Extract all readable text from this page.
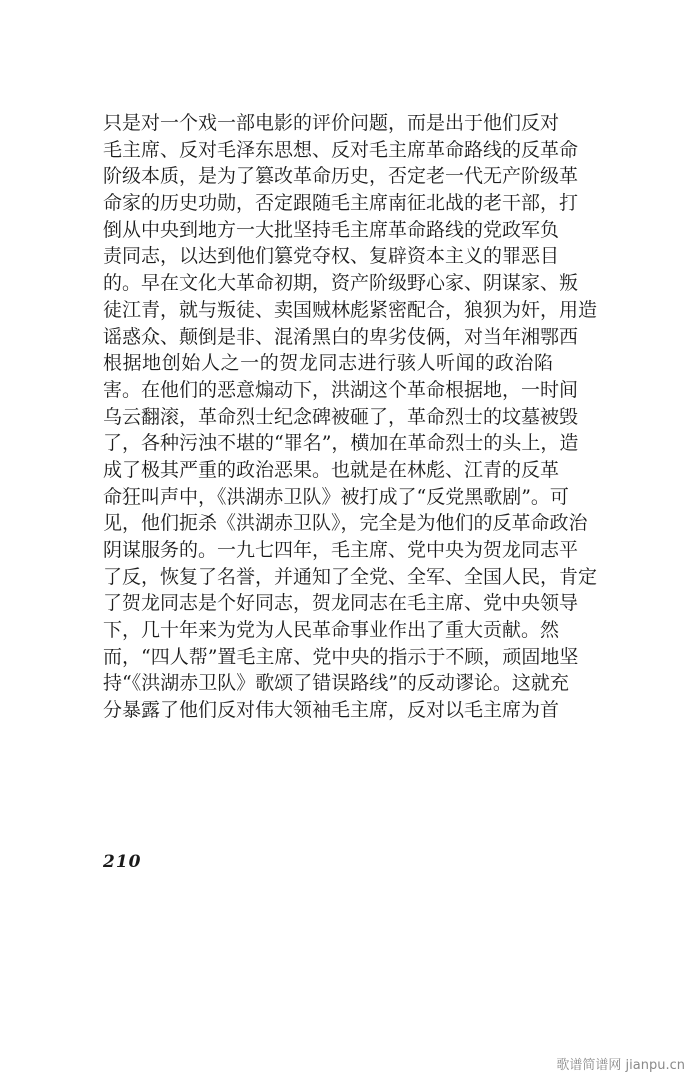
只是对一个戏一部电影的评价问题，而是出于他们反对
毛主席、反对毛泽东思想、反对毛主席革命路线的反革命
阶级本质，是为了篡改革命历史，否定老一代无产阶级革
命家的历史功勋，否定跟随毛主席南征北战的老干部，打
倒从中央到地方一大批坚持毛主席革命路线的党政军负
责同志，以达到他们篡党夺权、复辟资本主义的罪恶目
的。早在文化大革命初期，资产阶级野心家、阴谋家、叛
徒江青，就与叛徒、卖国贼林彪紧密配合，狼狈为奸，用造
谣惑众、颠倒是非、混淆黑白的卑劣伎俩，对当年湘鄂西
根据地创始人之一的贺龙同志进行骇人听闻的政治陷
害。在他们的恶意煽动下，洪湖这个革命根据地，一时间
乌云翻滚，革命烈士纪念碑被砸了，革命烈士的坟墓被毁
了，各种污浊不堪的“罪名”，横加在革命烈士的头上，造
成了极其严重的政治恶果。也就是在林彪、江青的反革
命狂叫声中，《洪湖赤卫队》被打成了“反党黑歌剧”。可
见，他们扼杀《洪湖赤卫队》，完全是为他们的反革命政治
阴谋服务的。一九七四年，毛主席、党中央为贺龙同志平
了反，恢复了名誉，并通知了全党、全军、全国人民，肯定
了贺龙同志是个好同志，贺龙同志在毛主席、党中央领导
下，几十年来为党为人民革命事业作出了重大贡献。然
而，“四人帮”置毛主席、党中央的指示于不顾，顽固地坚
持“《洪湖赤卫队》歌颂了错误路线”的反动谬论。这就充
分暴露了他们反对伟大领袖毛主席，反对以毛主席为首
210
歌谱简谱网 jianpu.cn
